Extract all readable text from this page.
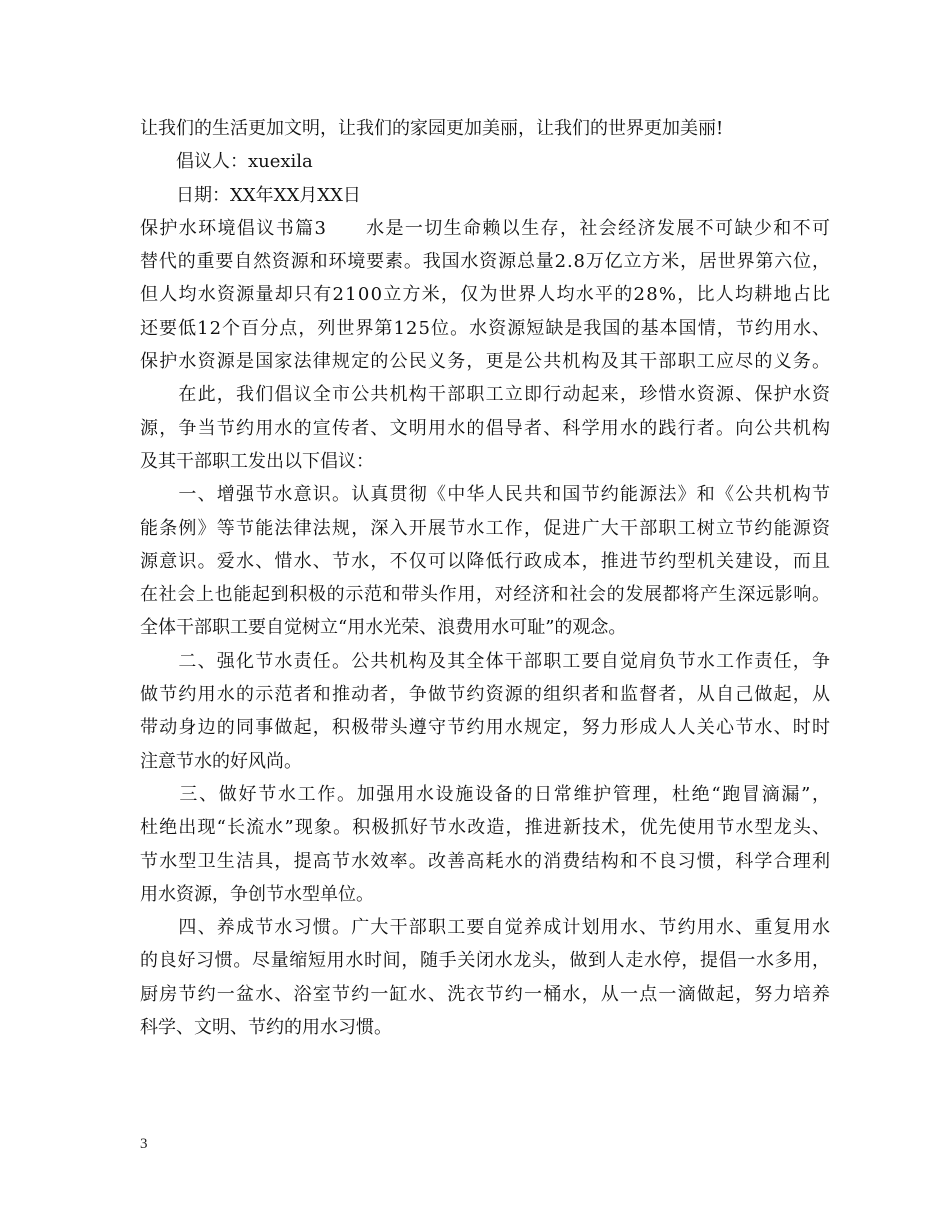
让我们的生活更加文明，让我们的家园更加美丽，让我们的世界更加美丽!
　　倡议人：xuexila
　　日期：XX年XX月XX日
保护水环境倡议书篇3　　水是一切生命赖以生存，社会经济发展不可缺少和不可
替代的重要自然资源和环境要素。我国水资源总量2.8万亿立方米，居世界第六位，
但人均水资源量却只有2100立方米，仅为世界人均水平的28%，比人均耕地占比
还要低12个百分点，列世界第125位。水资源短缺是我国的基本国情，节约用水、
保护水资源是国家法律规定的公民义务，更是公共机构及其干部职工应尽的义务。
　　在此，我们倡议全市公共机构干部职工立即行动起来，珍惜水资源、保护水资
源，争当节约用水的宣传者、文明用水的倡导者、科学用水的践行者。向公共机构
及其干部职工发出以下倡议：
　　一、增强节水意识。认真贯彻《中华人民共和国节约能源法》和《公共机构节
能条例》等节能法律法规，深入开展节水工作，促进广大干部职工树立节约能源资
源意识。爱水、惜水、节水，不仅可以降低行政成本，推进节约型机关建设，而且
在社会上也能起到积极的示范和带头作用，对经济和社会的发展都将产生深远影响。
全体干部职工要自觉树立“用水光荣、浪费用水可耻”的观念。
　　二、强化节水责任。公共机构及其全体干部职工要自觉肩负节水工作责任，争
做节约用水的示范者和推动者，争做节约资源的组织者和监督者，从自己做起，从
带动身边的同事做起，积极带头遵守节约用水规定，努力形成人人关心节水、时时
注意节水的好风尚。
　　三、做好节水工作。加强用水设施设备的日常维护管理，杜绝“跑冒滴漏”，
杜绝出现“长流水”现象。积极抓好节水改造，推进新技术，优先使用节水型龙头、
节水型卫生洁具，提高节水效率。改善高耗水的消费结构和不良习惯，科学合理利
用水资源，争创节水型单位。
　　四、养成节水习惯。广大干部职工要自觉养成计划用水、节约用水、重复用水
的良好习惯。尽量缩短用水时间，随手关闭水龙头，做到人走水停，提倡一水多用，
厨房节约一盆水、浴室节约一缸水、洗衣节约一桶水，从一点一滴做起，努力培养
科学、文明、节约的用水习惯。
3
